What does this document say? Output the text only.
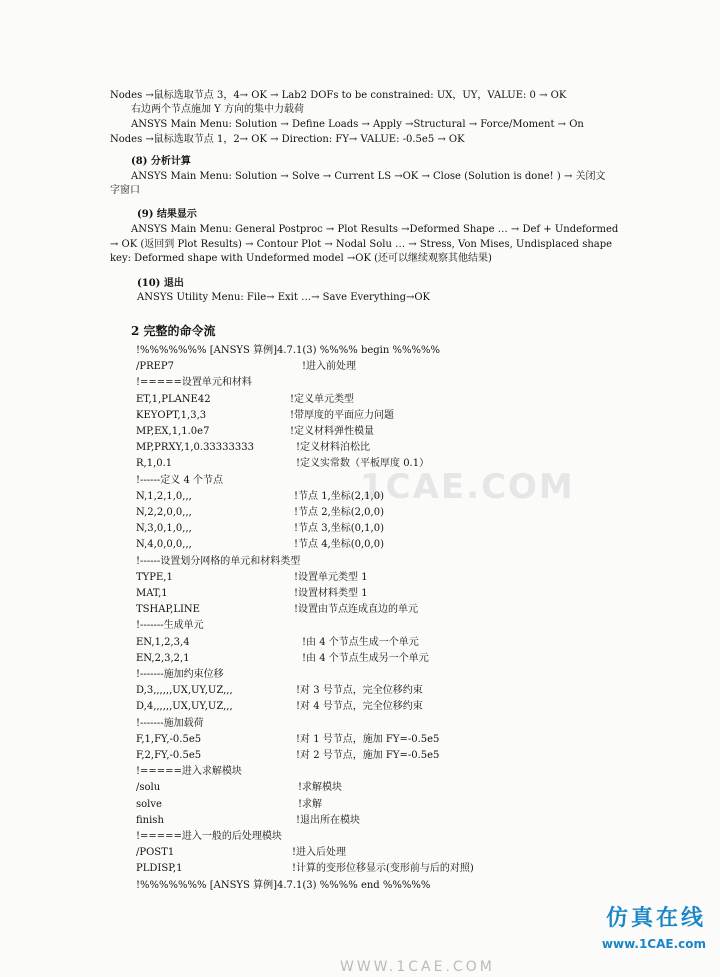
1CAE.COM
Nodes →鼠标选取节点 3，4→ OK → Lab2 DOFs to be constrained: UX，UY，VALUE: 0 → OK
右边两个节点施加 Y 方向的集中力载荷
ANSYS Main Menu: Solution → Define Loads → Apply →Structural → Force/Moment → On
Nodes →鼠标选取节点 1，2→ OK → Direction: FY→ VALUE: -0.5e5 → OK
(8) 分析计算
ANSYS Main Menu: Solution → Solve → Current LS →OK → Close (Solution is done! ) → 关闭文
字窗口
(9) 结果显示
ANSYS Main Menu: General Postproc → Plot Results →Deformed Shape … → Def + Undeformed
→ OK (返回到 Plot Results) → Contour Plot → Nodal Solu … → Stress, Von Mises, Undisplaced shape
key: Deformed shape with Undeformed model →OK (还可以继续观察其他结果)
(10) 退出
ANSYS Utility Menu: File→ Exit …→ Save Everything→OK
2 完整的命令流
!%%%%%%% [ANSYS 算例]4.7.1(3) %%%% begin %%%%%
/PREP7	!进入前处理
!=====设置单元和材料
ET,1,PLANE42	!定义单元类型
KEYOPT,1,3,3	!带厚度的平面应力问题
MP,EX,1,1.0e7	!定义材料弹性模量
MP,PRXY,1,0.33333333	!定义材料泊松比
R,1,0.1	!定义实常数（平板厚度 0.1）
!------定义 4 个节点
N,1,2,1,0,,,	!节点 1,坐标(2,1,0)
N,2,2,0,0,,,	!节点 2,坐标(2,0,0)
N,3,0,1,0,,,	!节点 3,坐标(0,1,0)
N,4,0,0,0,,,	!节点 4,坐标(0,0,0)
!------设置划分网格的单元和材料类型
TYPE,1	!设置单元类型 1
MAT,1	!设置材料类型 1
TSHAP,LINE	!设置由节点连成直边的单元
!-------生成单元
EN,1,2,3,4	!由 4 个节点生成一个单元
EN,2,3,2,1	!由 4 个节点生成另一个单元
!-------施加约束位移
D,3,,,,,,UX,UY,UZ,,,	!对 3 号节点，完全位移约束
D,4,,,,,,UX,UY,UZ,,,	!对 4 号节点，完全位移约束
!-------施加载荷
F,1,FY,-0.5e5	!对 1 号节点，施加 FY=-0.5e5
F,2,FY,-0.5e5	!对 2 号节点，施加 FY=-0.5e5
!=====进入求解模块
/solu	!求解模块
solve	!求解
finish	!退出所在模块
!=====进入一般的后处理模块
/POST1	!进入后处理
PLDISP,1	!计算的变形位移显示(变形前与后的对照)
!%%%%%%% [ANSYS 算例]4.7.1(3) %%%% end %%%%%
仿真在线
www.1CAE.com
WWW.1CAE.COM
